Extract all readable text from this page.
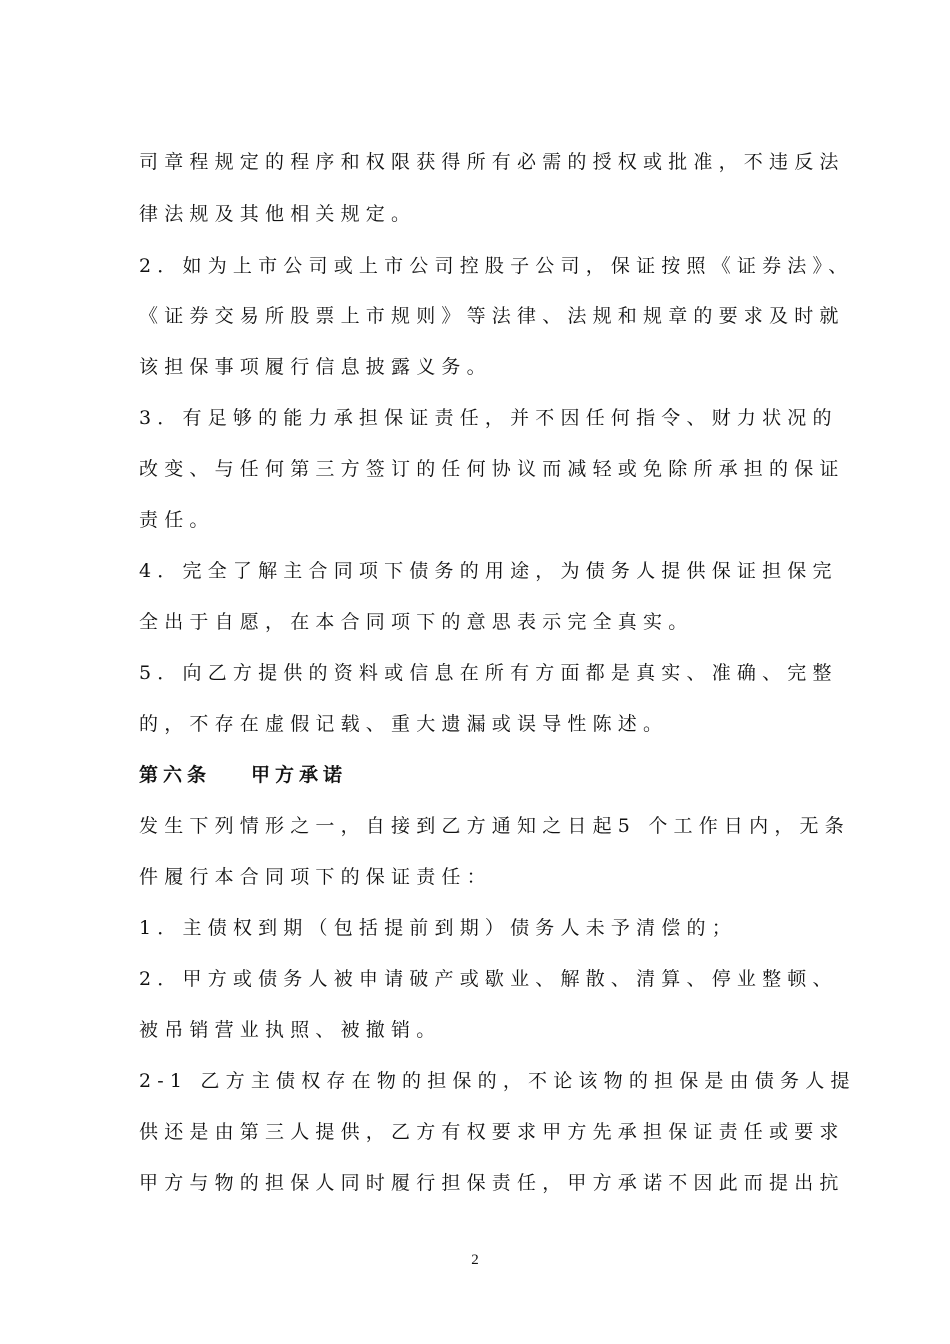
司章程规定的程序和权限获得所有必需的授权或批准，不违反法
律法规及其他相关规定。
2．如为上市公司或上市公司控股子公司，保证按照《证券法》、
《证券交易所股票上市规则》等法律、法规和规章的要求及时就
该担保事项履行信息披露义务。
3．有足够的能力承担保证责任，并不因任何指令、财力状况的
改变、与任何第三方签订的任何协议而减轻或免除所承担的保证
责任。
4．完全了解主合同项下债务的用途，为债务人提供保证担保完
全出于自愿，在本合同项下的意思表示完全真实。
5．向乙方提供的资料或信息在所有方面都是真实、准确、完整
的，不存在虚假记载、重大遗漏或误导性陈述。
第六条 甲方承诺
发生下列情形之一，自接到乙方通知之日起5 个工作日内，无条
件履行本合同项下的保证责任：
1．主债权到期（包括提前到期）债务人未予清偿的；
2．甲方或债务人被申请破产或歇业、解散、清算、停业整顿、
被吊销营业执照、被撤销。
2-1 乙方主债权存在物的担保的，不论该物的担保是由债务人提
供还是由第三人提供，乙方有权要求甲方先承担保证责任或要求
甲方与物的担保人同时履行担保责任，甲方承诺不因此而提出抗
2
